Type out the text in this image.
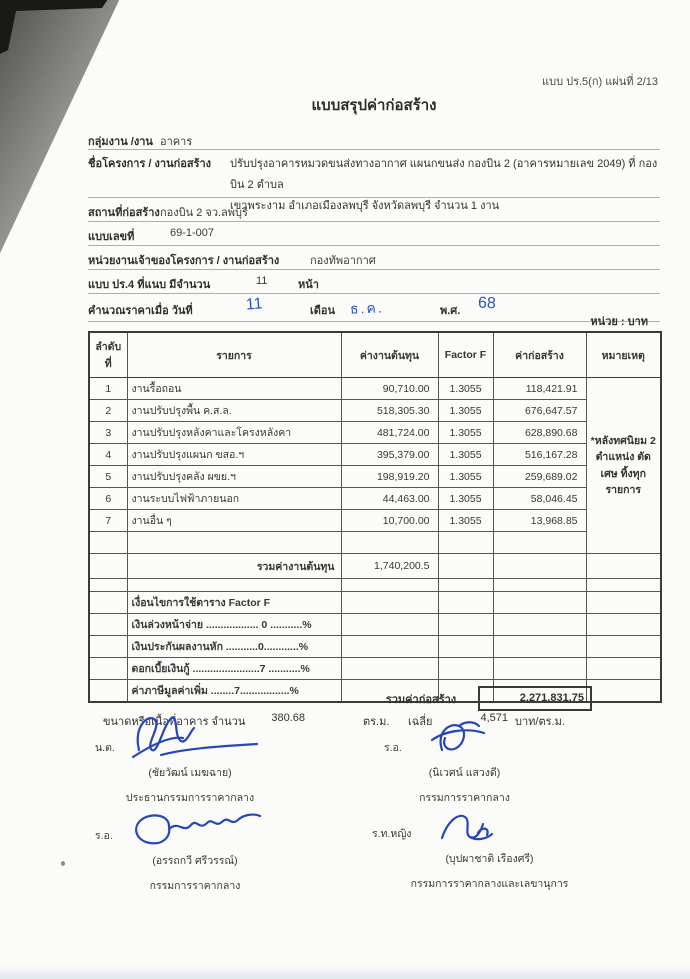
แบบ ปร.5(ก) แผ่นที่ 2/13
แบบสรุปค่าก่อสร้าง
กลุ่มงาน /งาน อาคาร
ชื่อโครงการ / งานก่อสร้าง ปรับปรุงอาคารหมวดขนส่งทางอากาศ แผนกขนส่ง กองบิน 2 (อาคารหมายเลข 2049) ที่ กองบิน 2 ตำบล
เขาพระงาม อำเภอเมืองลพบุรี จังหวัดลพบุรี จำนวน 1 งาน
สถานที่ก่อสร้าง กองบิน 2 จว.ลพบุรี
แบบเลขที่	69-1-007
หน่วยงานเจ้าของโครงการ / งานก่อสร้าง	กองทัพอากาศ
แบบ ปร.4 ที่แนบ มีจำนวน	11	หน้า
คำนวณราคาเมื่อ วันที่	11	เดือน ธ.ค.	พ.ศ. 68
หน่วย : บาท
ลำดับที่	รายการ	ค่างานต้นทุน	Factor F	ค่าก่อสร้าง	หมายเหตุ
1	งานรื้อถอน	90,710.00	1.3055	118,421.91	*หลังทศนิยม 2 ตำแหน่ง ตัดเศษ ทิ้งทุกรายการ
2	งานปรับปรุงพื้น ค.ส.ล.	518,305.30	1.3055	676,647.57	
3	งานปรับปรุงหลังคาและโครงหลังคา	481,724.00	1.3055	628,890.68	
4	งานปรับปรุงแผนก ขสอ.ฯ	395,379.00	1.3055	516,167.28	
5	งานปรับปรุงคลัง ผขย.ฯ	198,919.20	1.3055	259,689.02	
6	งานระบบไฟฟ้าภายนอก	44,463.00	1.3055	58,046.45	
7	งานอื่น ๆ	10,700.00	1.3055	13,968.85	

	รวมค่างานต้นทุน	1,740,200.5			

	เงื่อนไขการใช้ตาราง Factor F				
	เงินล่วงหน้าจ่าย .................. 0 ...........%				
	เงินประกันผลงานหัก ...........0............%				
	ดอกเบี้ยเงินกู้ .......................7 ...........%				
	ค่าภาษีมูลค่าเพิ่ม ........7.................%				
รวมค่าก่อสร้าง	2,271,831.75
ขนาดหรือเนื้อที่อาคาร จำนวน	380.68	ตร.ม. เฉลี่ย	4,571 บาท/ตร.ม.
น.ต.
(ชัยวัฒน์ เมฆฉาย)
ประธานกรรมการราคากลาง
ร.อ.
(นิเวศน์ แสวงดี)
กรรมการราคากลาง
ร.อ.
(อรรถกวี ศรีวรรณ์)
กรรมการราคากลาง
ร.ท.หญิง
(บุปผาชาติ เรืองศรี)
กรรมการราคากลางและเลขานุการ
